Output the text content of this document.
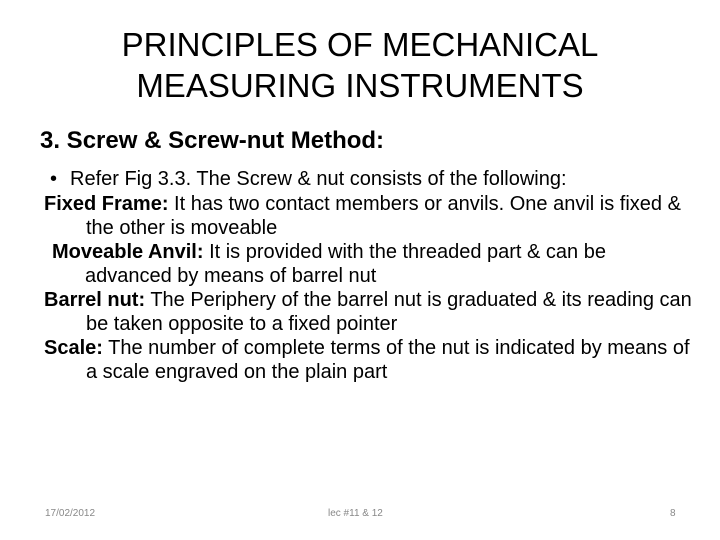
PRINCIPLES OF MECHANICAL
MEASURING INSTRUMENTS
3. Screw & Screw-nut Method:

• Refer Fig 3.3. The Screw & nut consists of the following:

Fixed Frame: It has two contact members or anvils. One anvil is fixed & the other is moveable

Moveable Anvil: It is provided with the threaded part & can be advanced by means of barrel nut

Barrel nut: The Periphery of the barrel nut is graduated & its reading can be taken opposite to a fixed pointer

Scale: The number of complete terms of the nut is indicated by means of a scale engraved on the plain part

17/02/2012	lec #11 & 12	8
